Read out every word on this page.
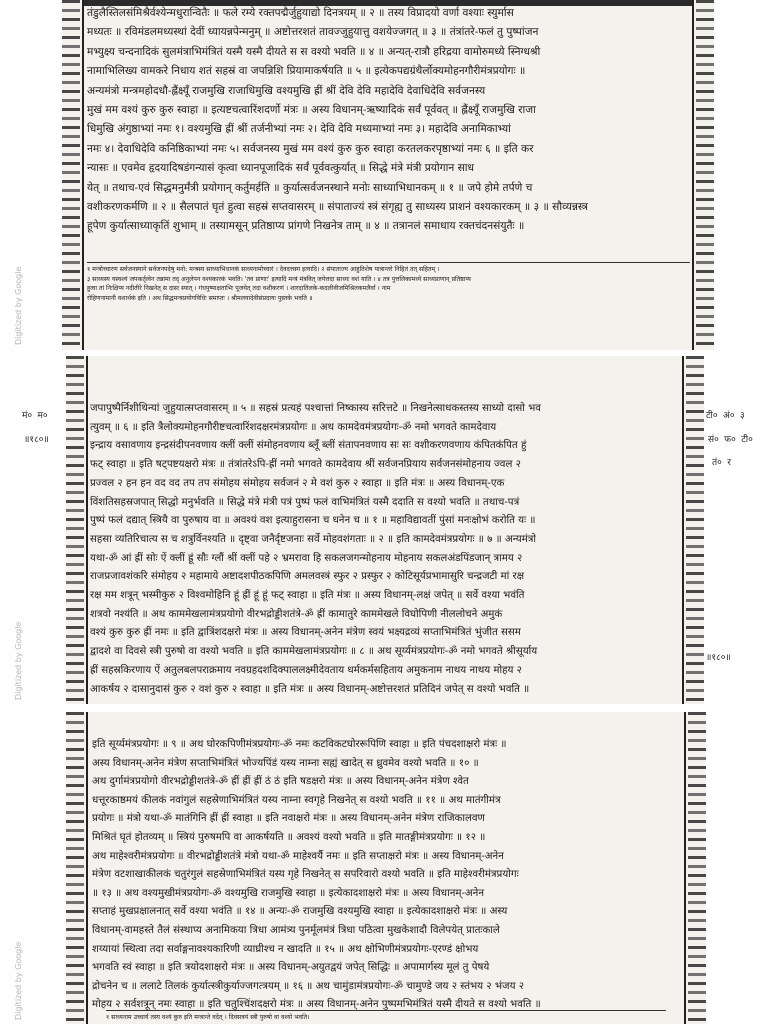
तंडुलैस्तिलसंमिश्रैर्वश्येन्मधुरान्वितैः ॥ फले रम्ये रक्तपद्मैर्जुहुयाद्यो दिनत्रयम् ॥ २ ॥ तस्य विप्रादयो वर्णा वश्याः स्युर्मास
मध्यतः ॥ रविमंडलमध्यस्थां देवीं ध्यायन्नपेन्मनुम् ॥ अष्टोत्तरशतं तावज्जुहुयात्तु वशयेज्जगत् ॥ ३ ॥ तंत्रांतरे-फलं तु पुष्पांजन
मभ्युक्ष्य चन्दनादिकं सुलमंत्राभिमंत्रितं यस्मै यस्मै दीयते स स वश्यो भवति ॥ ४ ॥ अन्यत्-रात्रौ हरिद्रया वामोरुमध्ये स्निग्धश्री
नामाभिलिख्य वामकरे निधाय शतं सहस्रं वा जपन्निशि प्रियामाकर्षयति ॥ ५ ॥ इत्येकपद्यग्रंथैर्लोक्यमोहनगौरीमंत्रप्रयोगः ॥
अन्यमंत्रो मन्त्रमहोदधौ-ह्लैंक्ष्यूँ राजमुखि राजाधिमुखि वश्यमुखि ह्रीं श्रीं देवि देवि महादेवि देवाधिदेवि सर्वजनस्य
मुखं मम वश्यं कुरु कुरु स्वाहा ॥ इत्यष्टचत्वारिंशदर्णो मंत्रः ॥ अस्य विधानम्-ऋष्यादिकं सर्वं पूर्ववत् ॥ ह्लैंक्ष्यूँ राजमुखि राजा
धिमुखि अंगुष्ठाभ्यां नमः १। वश्यमुखि ह्रीं श्रीं तर्जनीभ्यां नमः २। देवि देवि मध्यमाभ्यां नमः ३। महादेवि अनामिकाभ्यां
नमः ४। देवाधिदेवि कनिष्ठिकाभ्यां नमः ५। सर्वजनस्य मुखं मम वश्यं कुरु कुरु स्वाहा करतलकरपृष्ठाभ्यां नमः ६ ॥ इति कर
न्यासः ॥ एवमेव हृदयादिषडंगन्यासं कृत्वा ध्यानपूजादिकं सर्वं पूर्ववत्कुर्यात् ॥ सिद्धे मंत्रे मंत्री प्रयोगान साध
येत् ॥ तथाच-एवं सिद्धमनुर्मंत्री प्रयोगान् कर्तुमर्हति ॥ कुर्यात्सर्वजनस्थाने मनोः साध्याभिधानकम् ॥ १ ॥ जपे होमे तर्पणे च
वशीकरणकर्मणि ॥ २ ॥ सैलपातं घृतं हुत्वा सहस्रं सप्तवासरम् ॥ संपाताज्यं स्त्रं संगृह्य तु साध्यस्य प्राशनं वश्यकारकम् ॥ ३ ॥ सौव्यन्नस्त्र
हूपेण कुर्यात्साध्याकृतिं शुभाम् ॥ तस्यामसून् प्रतिष्ठाप्य प्रांगणे निखनेत्र ताम् ॥ ४ ॥ तत्रानलं समाधाय रक्तचंदनसंयुतैः ॥
१ मन्त्रोच्चारण सर्वजनस्याने सर्वजनपदेषु मनो: मन्त्रस्य साध्याभिधानकं साध्यनामोच्चारं । देवदत्तस्य इत्यादि। २ संपाताज्य आहुतिशेष पात्रान्तरे निहितं तत् सहितम् ।
३ साध्यस्य यस्वश्यं जपकर्तृत्वेन तन्नामा तद् अनुलेपन वश्यकारकं भवति। 'तव प्राणाः' इत्यादि मन्त्रं मंत्रवित् जपेत्तदा साध्यः वशं याति । ४ तत्र पुत्तलिकामध्ये साध्यप्राणान् प्रतिष्ठाप्य
हुत्वा तां निःक्षिप्य नदीतीरे निखनेत् स दासः स्यात् । गंधपुष्पाक्षताभिः पूजयेत् तदा वशीकरणं । शारदातिलके-कदलीवीजमिश्रितकमलैर्वा । नाम
रोहिणनामानी वशार्थकं इति । अथ सिद्धमन्त्रप्रयोगविधिः समाप्तः । श्रीमलयादेवीसंप्रदायः पुस्तके भवति ॥
Digitized by Google
मं० म०
॥१८०॥
टी० अं० ३
सं० फ० टी०
तं० र
॥१८०॥
जपापुष्पैर्निशीथिन्यां जुहुयात्सप्तवासरम् ॥ ५ ॥ सहस्रं प्रत्यहं पश्चात्तां निष्कास्य सरित्तटे ॥ निखनेत्साधकस्तस्य साध्यो दासो भव
त्युवम् ॥ ६ ॥ इति त्रैलोक्यमोहनगौरीष्टचत्वारिंशदक्षरमंत्रप्रयोगः ॥ अथ कामदेवमंत्रप्रयोगः-ॐ नमो भगवते कामदेवाय
इन्द्राय वसावणाय इन्द्रसंदीपनवणाय क्लीं क्लीं संमोहनवणाय ब्लूँ ब्लीं संतापनवणाय सः सः वशीकरणवणाय कंपितकंपित हुं
फट् स्वाहा ॥ इति षट्पष्टयक्षरो मंत्रः ॥ तंत्रांतरेऽपि-ह्रीं नमो भगवते कामदेवाय श्रीं सर्वजनप्रियाय सर्वजनसंमोहनाय ज्वल २
प्रज्वल २ हन हन वद वद तप तप संमोहय संमोहय सर्वजनं २ मे वशं कुरु २ स्वाहा ॥ इति मंत्रः ॥ अस्य विधानम्-एक
विंशतिसहस्रजपात् सिद्धो मनुर्भवति ॥ सिद्धे मंत्रे मंत्री पत्रं पुष्पं फलं वाभिमंत्रितं यस्मै ददाति स वश्यो भवति ॥ तथाच-पत्रं
पुष्पं फलं दद्यात् स्त्रियै वा पुरुषाय वा ॥ अवश्यं वश इत्याहुरासना च धनेन च ॥ १ ॥ महाविद्यावतीं पुंसां मनःक्षोभं करोति यः ॥
सहसा व्यतिरिचात्य स च शत्रुर्विनश्यति ॥ दृष्ट्वा जनैर्दृष्टजनाः सर्वे मोहवशंगताः ॥ २ ॥ इति कामदेवमंत्रप्रयोगः ॥ ७ ॥ अन्यमंत्रो
यथा-ॐ आं ह्रीं सोः ऐं क्लीं ह्रूं सौः ग्लौं श्रीं क्लीं पहे २ भ्रमरावा हि सकलजगन्मोहनाय मोहनाय सकलअंडपिंडजान् त्रामय २
राजप्रजावशंकरि संमोहय २ महामाये अष्टादशपीठकपिणि अमलवस्त्रं स्फुर २ प्रस्फुर २ कोटिसूर्यप्रभामासुरि चन्द्रजटी मां रक्ष
रक्ष मम शत्रून् भस्मीकुरु २ विश्वमोहिनि हूं ह्रीं हूं हूं फट् स्वाहा ॥ इति मंत्रः ॥ अस्य विधानम्-लक्षं जपेत् ॥ सर्वे वश्या भवंति
शत्रवो नश्यंति ॥ अथ काममेखलामंत्रप्रयोगो वीरभद्रोड्डीशतंत्रे-ॐ ह्रीं कामातुरे काममेखले विघोपिणी नीललोचने अमुकं
वश्यं कुरु कुरु ह्रीं नमः ॥ इति द्वात्रिंशदक्षरो मंत्रः ॥ अस्य विधानम्-अनेन मंत्रेण स्वयं भक्ष्यद्रव्यं सप्ताभिमंत्रितं भुंजीत ससम
द्वादशे वा दिवसे स्त्री पुरुषो वा वश्यो भवति ॥ इति काममेखलामंत्रप्रयोगः ॥ ८ ॥ अथ सूर्य्यमंत्रप्रयोगः-ॐ नमो भगवते श्रीसूर्याय
ह्रीं सहस्रकिरणाय ऐं अतुलबलपराक्रमाय नवग्रहदशदिक्पाललक्ष्मीदेवताय धर्मकर्मसहिताय अमुकनाम नाथय नाथय मोहय २
आकर्षय २ दासानुदासं कुरु २ वशं कुरु २ स्वाहा ॥ इति मंत्रः ॥ अस्य विधानम्-अष्टोत्तरशतं प्रतिदिनं जपेत् स वश्यो भवति ॥
Digitized by Google
इति सूर्य्यमंत्रप्रयोगः ॥ ९ ॥ अथ घोरकपिणीमंत्रप्रयोगः-ॐ नमः कटविकटघोररूपिणि स्वाहा ॥ इति पंचदशाक्षरो मंत्रः ॥
अस्य विधानम्-अनेन मंत्रेण सप्ताभिमंत्रितं भोज्यपिंडं यस्य नाम्ना सह्यं खादेत् स ध्रुवमेव वश्यो भवति ॥ १० ॥
अथ दुर्गामंत्रप्रयोगो वीरभद्रोड्डीशतंत्रे-ॐ ह्रीं ह्रीं ह्रीं ठं ठं इति षडक्षरो मंत्रः ॥ अस्य विधानम्-अनेन मंत्रेण श्वेत
धत्तूरकाष्ठमयं कीलकं नवांगुलं सहस्रेणाभिमंत्रितं यस्य नाम्ना स्वगृहे निखनेत् स वश्यो भवति ॥ ११ ॥ अथ मातंगीमंत्र
प्रयोगः ॥ मंत्रो यथा-ॐ मातंगिनि ह्रीं ह्रीं स्वाहा ॥ इति नवाक्षरो मंत्रः ॥ अस्य विधानम्-अनेन मंत्रेण राजिकालवण
मिश्रितं घृतं होतव्यम् ॥ स्त्रियं पुरुषमपि वा आकर्षयति ॥ अवश्यं वश्यो भवति ॥ इति मातङ्गीमंत्रप्रयोगः ॥ १२ ॥
अथ माहेश्वरीमंत्रप्रयोगः ॥ वीरभद्रोड्डीशतंत्रे मंत्रो यथा-ॐ माहेश्वर्यै नमः ॥ इति सप्ताक्षरो मंत्रः ॥ अस्य विधानम्-अनेन
मंत्रेण वटशाखाकीलकं चतुरंगुलं सहस्रेणाभिमंत्रितं यस्य गृहे निखनेत् स सपरिवारो वश्यो भवति ॥ इति माहेश्वरीमंत्रप्रयोगः
॥ १३ ॥ अथ वश्यमुखीमंत्रप्रयोगः-ॐ वश्यमुखि राजमुखि स्वाहा ॥ इत्येकादशाक्षरो मंत्रः ॥ अस्य विधानम्-अनेन
सप्ताहं मुखप्रक्षालनात् सर्वे वश्या भवंति ॥ १४ ॥ अन्यः-ॐ राजमुखि वश्यमुखि स्वाहा ॥ इत्येकादशाक्षरो मंत्रः ॥ अस्य
विधानम्-वामहस्ते तैलं संस्थाप्य अनामिकया त्रिधा आमंत्र्य पुनर्मूलमंत्रं त्रिधा पठित्वा मुखकेशादौ विलेपयेत् प्रातःकाले
शय्यायां स्थित्वा तदा सर्वाङ्गनावश्यकारिणी व्याघ्रीश्च न खादति ॥ १५ ॥ अथ क्षोभिणीमंत्रप्रयोगः-एरण्डं क्षोभय
भगवति स्वं स्वाहा ॥ इति त्रयोदशाक्षरो मंत्रः ॥ अस्य विधानम्-अयुतद्वयं जपेत् सिद्धिः ॥ अपामार्गस्य मूलं तु पेषये
द्रोचनेन च ॥ ललाटे तिलकं कुर्यात्स्त्रीकुर्याज्जगत्त्रयम् ॥ १६ ॥ अथ चामुंडामंत्रप्रयोगः-ॐ चामुण्डे जय २ स्तंभय २ भंजय २
मोहय २ सर्वशत्रून् नमः स्वाहा ॥ इति चतुश्चिंशदक्षरो मंत्रः ॥ अस्य विधानम्-अनेन पुष्पमभिमंत्रितं यस्मै दीयते स वश्यो भवति ॥
१ साध्यनाम उच्चार्य तस्य वश्यं कुरु इति मन्त्रान्ते वदेत् । दिवसत्रयं स्त्री पुरुषो वा वश्यो भवति।
Digitized by Google
